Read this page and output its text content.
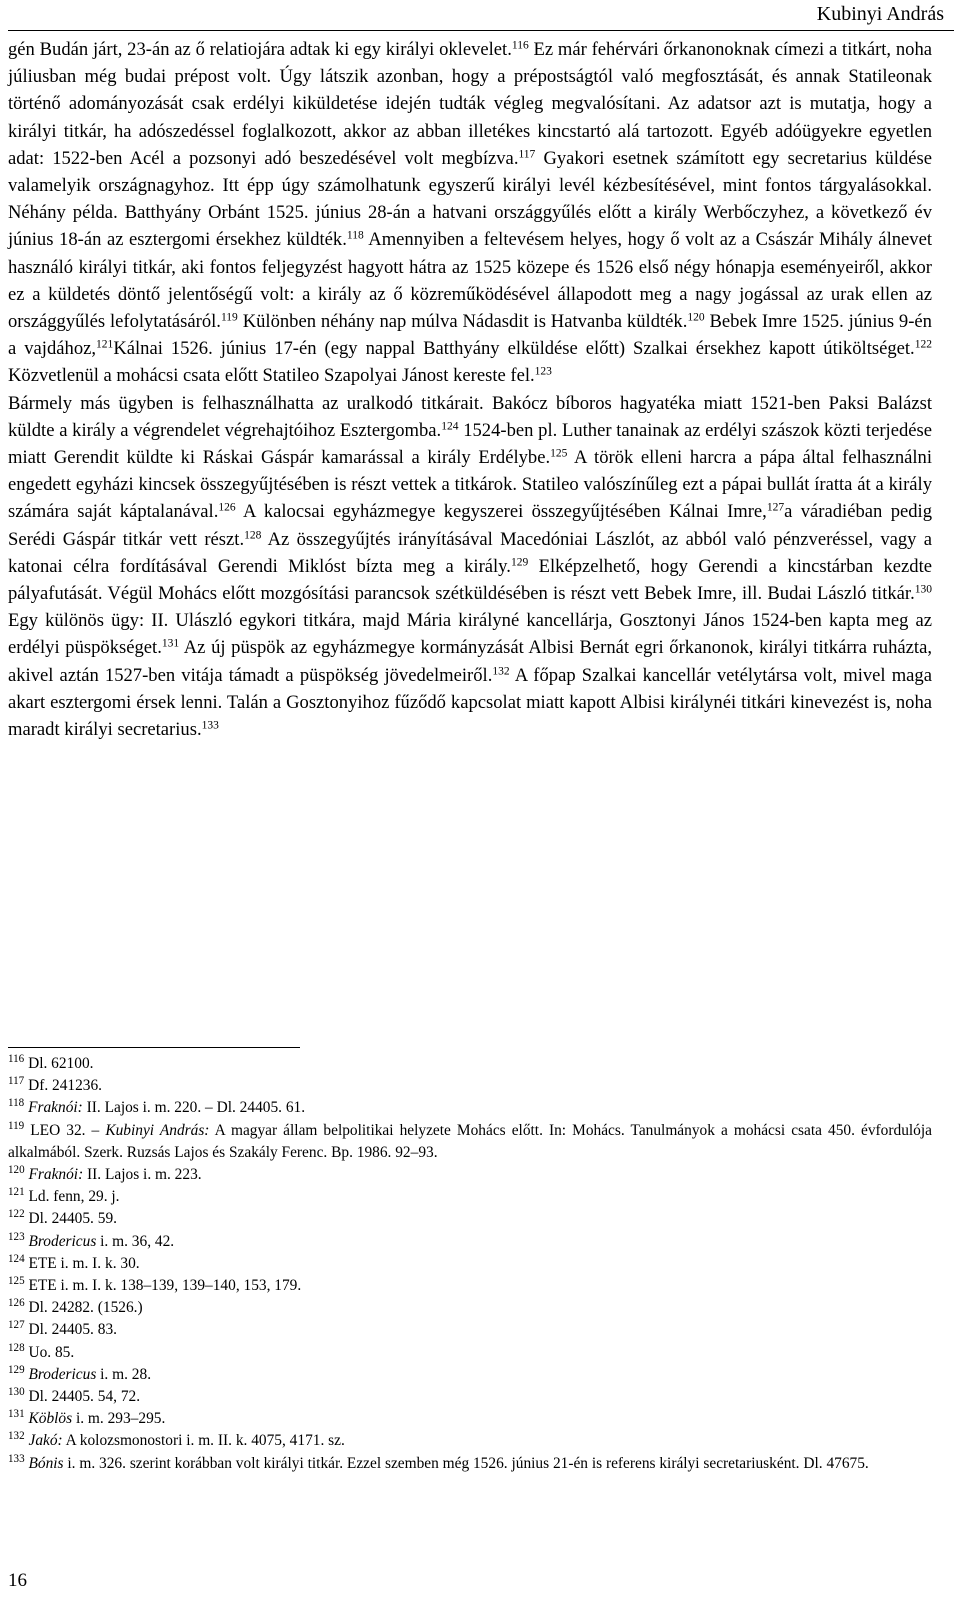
Kubinyi András

gén Budán járt, 23-án az ő relatiojára adtak ki egy királyi oklevelet.$^{116}$ Ez már fehérvári őrkanonoknak címezi a titkárt, noha júliusban még budai prépost volt. Úgy látszik azonban, hogy a prépostságtól való megfosztását, és annak Statileonak történő adományozását csak erdélyi kiküldetése idején tudták végleg megvalósítani. Az adatsor azt is mutatja, hogy a királyi titkár, ha adószedéssel foglalkozott, akkor az abban illetékes kincstartó alá tartozott. Egyéb adóügyekre egyetlen adat: 1522-ben Acél a pozsonyi adó beszedésével volt megbízva.$^{117}$ Gyakori esetnek számított egy secretarius küldése valamelyik országnagyhoz. Itt épp úgy számolhatunk egyszerű királyi levél kézbesítésével, mint fontos tárgyalásokkal. Néhány példa. Batthyány Orbánt 1525. június 28-án a hatvani országgyűlés előtt a király Werbőczyhez, a következő év június 18-án az esztergomi érsekhez küldték.$^{118}$ Amennyiben a feltevésem helyes, hogy ő volt az a Császár Mihály álnevet használó királyi titkár, aki fontos feljegyzést hagyott hátra az 1525 közepe és 1526 első négy hónapja eseményeiről, akkor ez a küldetés döntő jelentőségű volt: a király az ő közreműködésével állapodott meg a nagy jogással az urak ellen az országgyűlés lefolytatásáról.$^{119}$ Különben néhány nap múlva Nádasdit is Hatvanba küldték.$^{120}$ Bebek Imre 1525. június 9-én a vajdához,$^{121}$Kálnai 1526. június 17-én (egy nappal Batthyány elküldése előtt) Szalkai érsekhez kapott útiköltséget.$^{122}$ Közvetlenül a mohácsi csata előtt Statileo Szapolyai Jánost kereste fel.$^{123}$

Bármely más ügyben is felhasználhatta az uralkodó titkárait. Bakócz bíboros hagyatéka miatt 1521-ben Paksi Balázst küldte a király a végrendelet végrehajtóihoz Esztergomba.$^{124}$ 1524-ben pl. Luther tanainak az erdélyi szászok közti terjedése miatt Gerendit küldte ki Ráskai Gáspár kamarással a király Erdélybe.$^{125}$ A török elleni harcra a pápa által felhasználni engedett egyházi kincsek összegyűjtésében is részt vettek a titkárok. Statileo valószínűleg ezt a pápai bullát íratta át a király számára saját káptalanával.$^{126}$ A kalocsai egyházmegye kegyszerei összegyűjtésében Kálnai Imre,$^{127}$a váradiéban pedig Serédi Gáspár titkár vett részt.$^{128}$ Az összegyűjtés irányításával Macedóniai Lászlót, az abból való pénzveréssel, vagy a katonai célra fordításával Gerendi Miklóst bízta meg a király.$^{129}$ Elképzelhető, hogy Gerendi a kincstárban kezdte pályafutását. Végül Mohács előtt mozgósítási parancsok szétküldésében is részt vett Bebek Imre, ill. Budai László titkár.$^{130}$ Egy különös ügy: II. Ulászló egykori titkára, majd Mária királyné kancellárja, Gosztonyi János 1524-ben kapta meg az erdélyi püspökséget.$^{131}$ Az új püspök az egyházmegye kormányzását Albisi Bernát egri őrkanonok, királyi titkárra ruházta, akivel aztán 1527-ben vitája támadt a püspökség jövedelmeiről.$^{132}$ A főpap Szalkai kancellár vetélytársa volt, mivel maga akart esztergomi érsek lenni. Talán a Gosztonyihoz fűződő kapcsolat miatt kapott Albisi királynéi titkári kinevezést is, noha maradt királyi secretarius.$^{133}$

$^{116}$ Dl. 62100.
$^{117}$ Df. 241236.
$^{118}$ Fraknói: II. Lajos i. m. 220. – Dl. 24405. 61.
$^{119}$ LEO 32. – Kubinyi András: A magyar állam belpolitikai helyzete Mohács előtt. In: Mohács. Tanulmányok a mohácsi csata 450. évfordulója alkalmából. Szerk. Ruzsás Lajos és Szakály Ferenc. Bp. 1986. 92–93.
$^{120}$ Fraknói: II. Lajos i. m. 223.
$^{121}$ Ld. fenn, 29. j.
$^{122}$ Dl. 24405. 59.
$^{123}$ Brodericus i. m. 36, 42.
$^{124}$ ETE i. m. I. k. 30.
$^{125}$ ETE i. m. I. k. 138–139, 139–140, 153, 179.
$^{126}$ Dl. 24282. (1526.)
$^{127}$ Dl. 24405. 83.
$^{128}$ Uo. 85.
$^{129}$ Brodericus i. m. 28.
$^{130}$ Dl. 24405. 54, 72.
$^{131}$ Köblös i. m. 293–295.
$^{132}$ Jakó: A kolozsmonostori i. m. II. k. 4075, 4171. sz.
$^{133}$ Bónis i. m. 326. szerint korábban volt királyi titkár. Ezzel szemben még 1526. június 21-én is referens királyi secretariusként. Dl. 47675.
16
